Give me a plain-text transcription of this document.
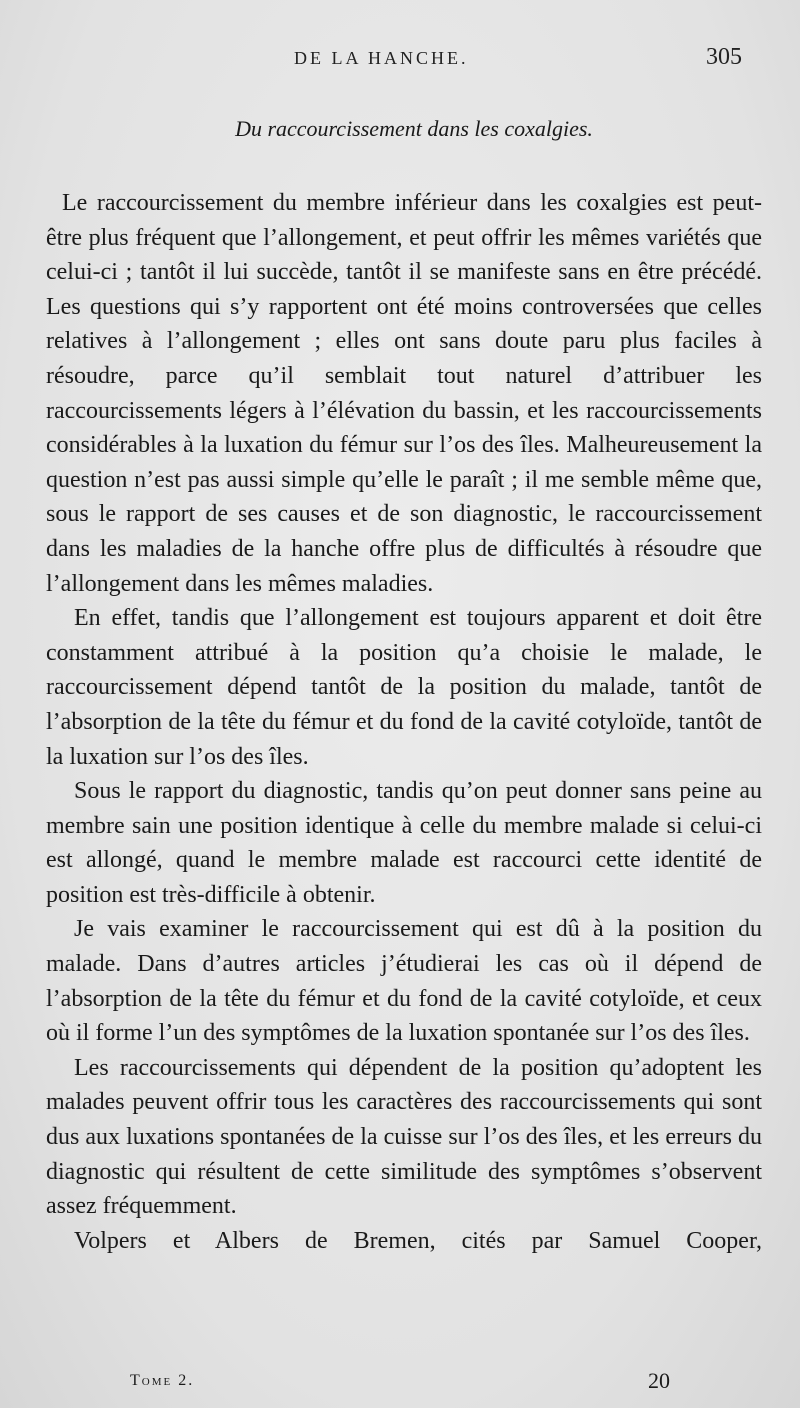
DE LA HANCHE.	305
Du raccourcissement dans les coxalgies.

Le raccourcissement du membre inférieur dans les coxalgies est peut-être plus fréquent que l’allongement, et peut offrir les mêmes variétés que celui-ci ; tantôt il lui succède, tantôt il se manifeste sans en être précédé. Les questions qui s’y rapportent ont été moins controversées que celles relatives à l’allongement ; elles ont sans doute paru plus faciles à résoudre, parce qu’il semblait tout naturel d’attribuer les raccourcissements légers à l’élévation du bassin, et les raccourcissements considérables à la luxation du fémur sur l’os des îles. Malheureusement la question n’est pas aussi simple qu’elle le paraît ; il me semble même que, sous le rapport de ses causes et de son diagnostic, le raccourcissement dans les maladies de la hanche offre plus de difficultés à résoudre que l’allongement dans les mêmes maladies.

En effet, tandis que l’allongement est toujours apparent et doit être constamment attribué à la position qu’a choisie le malade, le raccourcissement dépend tantôt de la position du malade, tantôt de l’absorption de la tête du fémur et du fond de la cavité cotyloïde, tantôt de la luxation sur l’os des îles.

Sous le rapport du diagnostic, tandis qu’on peut donner sans peine au membre sain une position identique à celle du membre malade si celui-ci est allongé, quand le membre malade est raccourci cette identité de position est très-difficile à obtenir.

Je vais examiner le raccourcissement qui est dû à la position du malade. Dans d’autres articles j’étudierai les cas où il dépend de l’absorption de la tête du fémur et du fond de la cavité cotyloïde, et ceux où il forme l’un des symptômes de la luxation spontanée sur l’os des îles.

Les raccourcissements qui dépendent de la position qu’adoptent les malades peuvent offrir tous les caractères des raccourcissements qui sont dus aux luxations spontanées de la cuisse sur l’os des îles, et les erreurs du diagnostic qui résultent de cette similitude des symptômes s’observent assez fréquemment.

Volpers et Albers de Bremen, cités par Samuel Cooper,

Tome 2.	20
